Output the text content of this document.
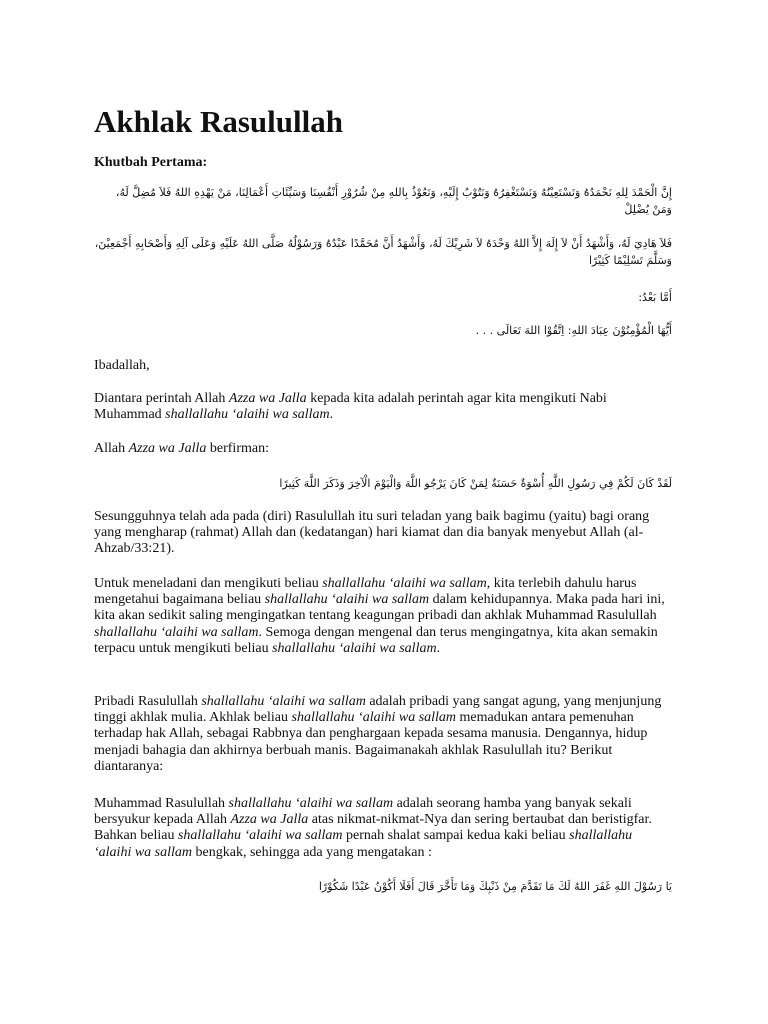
Akhlak Rasulullah

Khutbah Pertama:

إِنَّ الْحَمْدَ لِلهِ نَحْمَدُهُ وَنَسْتَعِيْنُهُ وَنَسْتَغْفِرُهُ وَنَتُوْبُ إِلَيْهِ، وَنَعُوْذُ بِاللهِ مِنْ شُرُوْرِ أَنْفُسِنَا وَسَيِّئَاتِ أَعْمَالِنَا، مَنْ يَهْدِهِ اللهُ فَلاَ مُضِلَّ لَهُ، وَمَنْ يُضْلِلْ

فَلاَ هَادِيَ لَهُ، وَأَشْهَدُ أَنْ لاَ إِلَهَ إِلاَّ اللهُ وَحْدَهُ لاَ شَرِيْكَ لَهُ، وَأَشْهَدُ أَنَّ مُحَمَّدًا عَبْدُهُ وَرَسُوْلُهُ صَلَّى اللهُ عَلَيْهِ وَعَلَى آلِهِ وَأَصْحَابِهِ أَجْمَعِيْنَ، وَسَلَّمَ تَسْلِيْمًا كَثِيْرًا

أَمَّا بَعْدُ:

أَيُّهَا الْمُؤْمِنُوْنَ عِبَادَ اللهِ: اِتَّقُوْا اللهَ تَعَالَى . . .

Ibadallah,

Diantara perintah Allah Azza wa Jalla kepada kita adalah perintah agar kita mengikuti Nabi Muhammad shallallahu ‘alaihi wa sallam.

Allah Azza wa Jalla berfirman:

لَقَدْ كَانَ لَكُمْ فِي رَسُولِ اللَّهِ أُسْوَةٌ حَسَنَةٌ لِمَنْ كَانَ يَرْجُو اللَّهَ وَالْيَوْمَ الْآخِرَ وَذَكَرَ اللَّهَ كَثِيرًا

Sesungguhnya telah ada pada (diri) Rasulullah itu suri teladan yang baik bagimu (yaitu) bagi orang yang mengharap (rahmat) Allah dan (kedatangan) hari kiamat dan dia banyak menyebut Allah (al-Ahzab/33:21).

Untuk meneladani dan mengikuti beliau shallallahu ‘alaihi wa sallam, kita terlebih dahulu harus mengetahui bagaimana beliau shallallahu ‘alaihi wa sallam dalam kehidupannya. Maka pada hari ini, kita akan sedikit saling mengingatkan tentang keagungan pribadi dan akhlak Muhammad Rasulullah shallallahu ‘alaihi wa sallam. Semoga dengan mengenal dan terus mengingatnya, kita akan semakin terpacu untuk mengikuti beliau shallallahu ‘alaihi wa sallam.

Pribadi Rasulullah shallallahu ‘alaihi wa sallam adalah pribadi yang sangat agung, yang menjunjung tinggi akhlak mulia. Akhlak beliau shallallahu ‘alaihi wa sallam memadukan antara pemenuhan terhadap hak Allah, sebagai Rabbnya dan penghargaan kepada sesama manusia. Dengannya, hidup menjadi bahagia dan akhirnya berbuah manis. Bagaimanakah akhlak Rasulullah itu? Berikut diantaranya:

Muhammad Rasulullah shallallahu ‘alaihi wa sallam adalah seorang hamba yang banyak sekali bersyukur kepada Allah Azza wa Jalla atas nikmat-nikmat-Nya dan sering bertaubat dan beristigfar. Bahkan beliau shallallahu ‘alaihi wa sallam pernah shalat sampai kedua kaki beliau shallallahu ‘alaihi wa sallam bengkak, sehingga ada yang mengatakan :

يَا رَسُوْلَ اللهِ غَفَرَ اللهُ لَكَ مَا تَقَدَّمَ مِنْ ذَنْبِكَ وَمَا تَأَخَّرَ قَالَ أَفَلَا أَكُوْنُ عَبْدًا شَكُوْرًا
